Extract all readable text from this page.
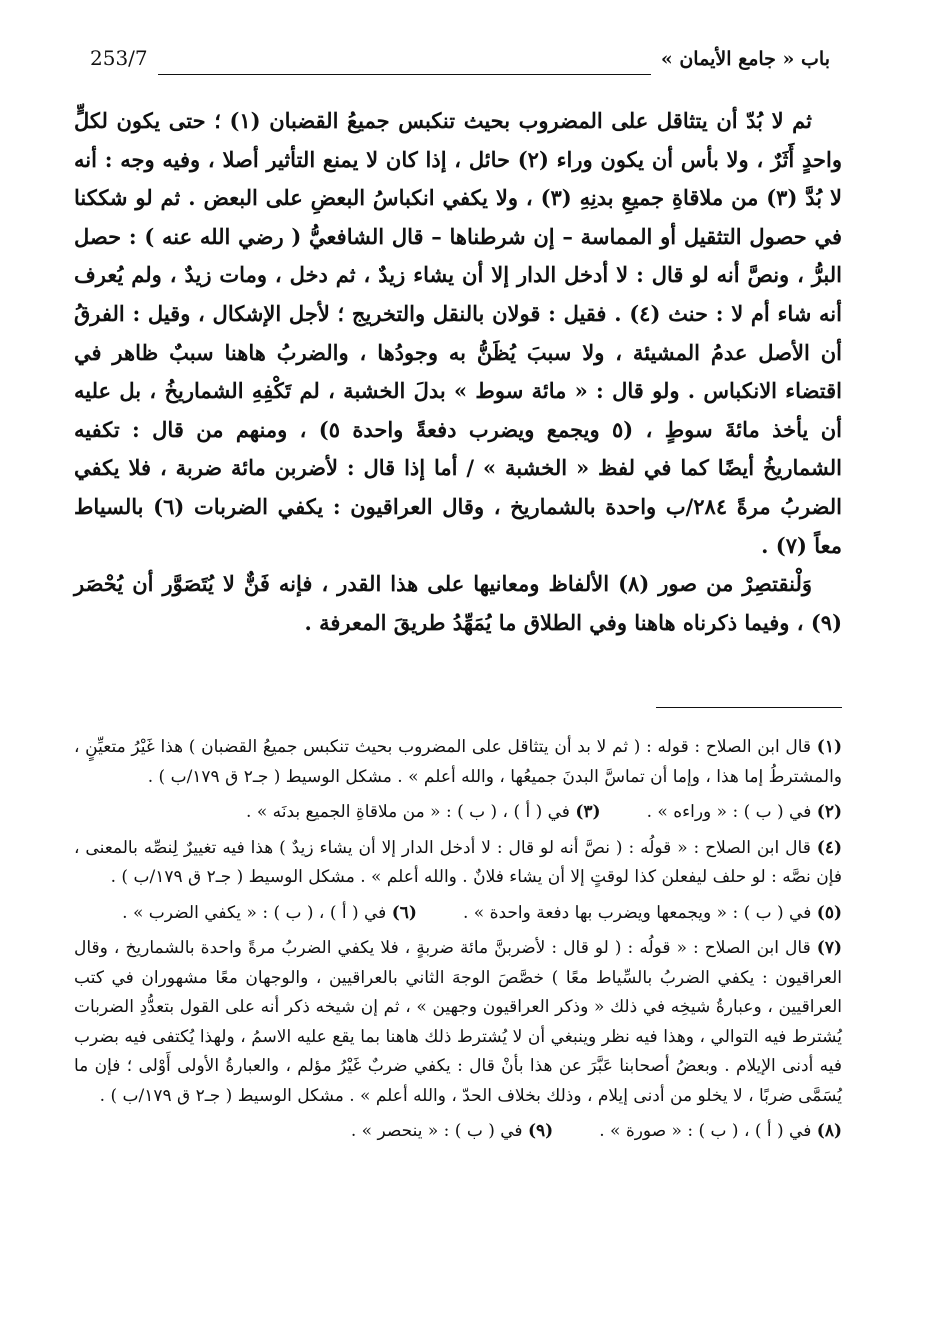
باب « جامع الأيمان »
253/7

ثم لا بُدّ أن يتثاقل على المضروب بحيث تنكبس جميعُ القضبان (١) ؛ حتى يكون لكلٍّ واحدٍ أَثَرٌ ، ولا بأس أن يكون وراء (٢) حائل ، إذا كان لا يمنع التأثير أصلا ، وفيه وجه : أنه لا بُدَّ (٣) من ملاقاةِ جميعِ بدنِهِ (٣) ، ولا يكفي انكباسُ البعضِ على البعض . ثم لو شككنا في حصول التثقيل أو المماسة – إن شرطناها – قال الشافعيُّ ( رضي الله عنه ) : حصل البرُّ ، ونصَّ أنه لو قال : لا أدخل الدار إلا أن يشاء زيدٌ ، ثم دخل ، ومات زيدٌ ، ولم يُعرف أنه شاء أم لا : حنث (٤) . فقيل : قولان بالنقل والتخريج ؛ لأجل الإشكال ، وقيل : الفرقُ أن الأصل عدمُ المشيئة ، ولا سببَ يُظَنُّ به وجودُها ، والضربُ هاهنا سببٌ ظاهر في اقتضاء الانكباس . ولو قال : « مائة سوط » بدلَ الخشبة ، لم تَكْفِهِ الشماريخُ ، بل عليه أن يأخذ مائةَ سوطٍ ، (٥ ويجمع ويضرب دفعةً واحدة ٥) ، ومنهم من قال : تكفيه الشماريخُ أيضًا كما في لفظ « الخشبة » / أما إذا قال : لأضربن مائة ضربة ، فلا يكفي الضربُ مرةً ٢٨٤/ب واحدة بالشماريخ ، وقال العراقيون : يكفي الضربات (٦) بالسياط معاً (٧) .

وَلْنقتصِرْ من صور (٨) الألفاظ ومعانيها على هذا القدر ، فإنه فَنٌّ لا يُتَصَوَّر أن يُحْصَر (٩) ، وفيما ذكرناه هاهنا وفي الطلاق ما يُمَهِّدُ طريقَ المعرفة .

(١) قال ابن الصلاح : قوله : ( ثم لا بد أن يتثاقل على المضروب بحيث تنكبس جميعُ القضبان ) هذا غَيْرُ متعيِّنٍ ، والمشترطُ إما هذا ، وإما أن تماسَّ البدنَ جميعُها ، والله أعلم » . مشكل الوسيط ( جـ٢ ق ١٧٩/ب ) .

(٢) في ( ب ) : « وراءه » .

(٣) في ( أ ) ، ( ب ) : « من ملاقاةِ الجميع بدنَه » .

(٤) قال ابن الصلاح : « قولُه : ( نصَّ أنه لو قال : لا أدخل الدار إلا أن يشاء زيدٌ ) هذا فيه تغييرٌ لِنصِّه بالمعنى ، فإن نصَّه : لو حلف ليفعلن كذا لوقتٍ إلا أن يشاء فلانٌ . والله أعلم » . مشكل الوسيط ( جـ٢ ق ١٧٩/ب ) .

(٥) في ( ب ) : « ويجمعها ويضرب بها دفعة واحدة » .

(٦) في ( أ ) ، ( ب ) : « يكفي الضرب » .

(٧) قال ابن الصلاح : « قولُه : ( لو قال : لأضربنَّ مائة ضربةٍ ، فلا يكفي الضربُ مرةً واحدة بالشماريخ ، وقال العراقيون : يكفي الضربُ بالسِّياط معًا ) خصَّصَ الوجهَ الثاني بالعراقيين ، والوجهان معًا مشهوران في كتب العراقيين ، وعبارةُ شيخِه في ذلك « وذكر العراقيون وجهين » ، ثم إن شيخه ذكر أنه على القول بتعدُّدِ الضربات يُشترط فيه التوالي ، وهذا فيه نظر وينبغي أن لا يُشترط ذلك هاهنا بما يقع عليه الاسمُ ، ولهذا يُكتفى فيه بضرب فيه أدنى الإيلام . وبعضُ أصحابنا عَبَّرَ عن هذا بأنْ قال : يكفي ضربٌ غَيْرُ مؤلم ، والعبارةُ الأولى أَوْلى ؛ فإن ما يُسَمَّى ضربًا ، لا يخلو من أدنى إيلام ، وذلك بخلاف الحدّ ، والله أعلم » . مشكل الوسيط ( جـ٢ ق ١٧٩/ب ) .

(٨) في ( أ ) ، ( ب ) : « صورة » .

(٩) في ( ب ) : « ينحصر » .
